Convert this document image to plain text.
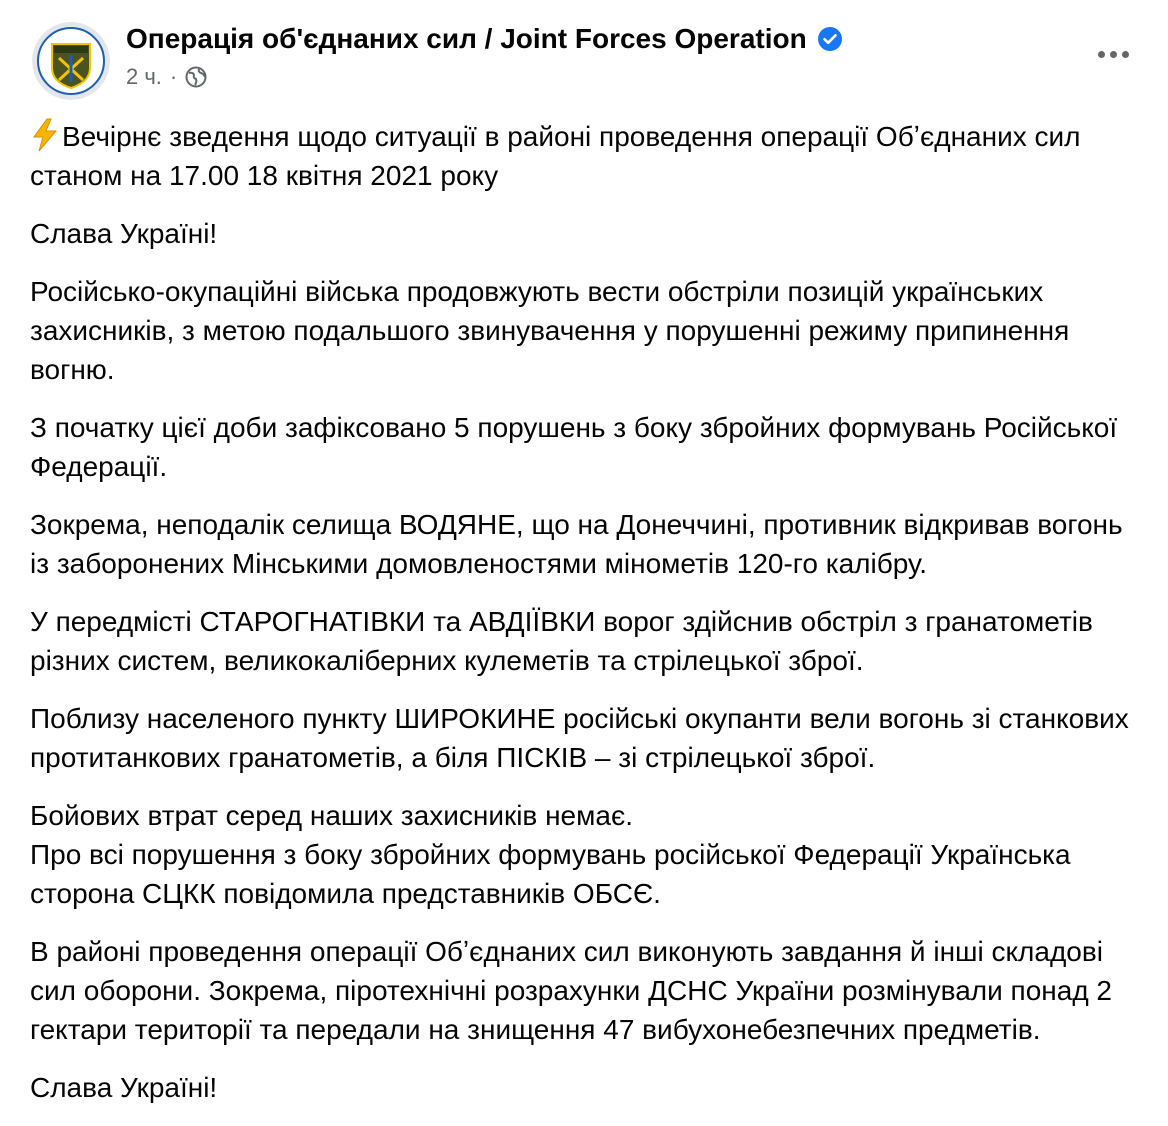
Операція об'єднаних сил / Joint Forces Operation
2 ч. ·

Вечірнє зведення щодо ситуації в районі проведення операції Обʼєднаних сил станом на 17.00 18 квітня 2021 року

Слава Україні!

Російсько-окупаційні війська продовжують вести обстріли позицій українських захисників, з метою подальшого звинувачення у порушенні режиму припинення вогню.

З початку цієї доби зафіксовано 5 порушень з боку збройних формувань Російської Федерації.

Зокрема, неподалік селища ВОДЯНЕ, що на Донеччині, противник відкривав вогонь із заборонених Мінськими домовленостями мінометів 120-го калібру.

У передмісті СТАРОГНАТІВКИ та АВДІЇВКИ ворог здійснив обстріл з гранатометів різних систем, великокаліберних кулеметів та стрілецької зброї.

Поблизу населеного пункту ШИРОКИНЕ російські окупанти вели вогонь зі станкових протитанкових гранатометів, а біля ПІСКІВ – зі стрілецької зброї.

Бойових втрат серед наших захисників немає.
Про всі порушення з боку збройних формувань російської Федерації Українська сторона СЦКК повідомила представників ОБСЄ.

В районі проведення операції Обʼєднаних сил виконують завдання й інші складові сил оборони. Зокрема, піротехнічні розрахунки ДСНС України розмінували понад 2 гектари території та передали на знищення 47 вибухонебезпечних предметів.

Слава Україні!
